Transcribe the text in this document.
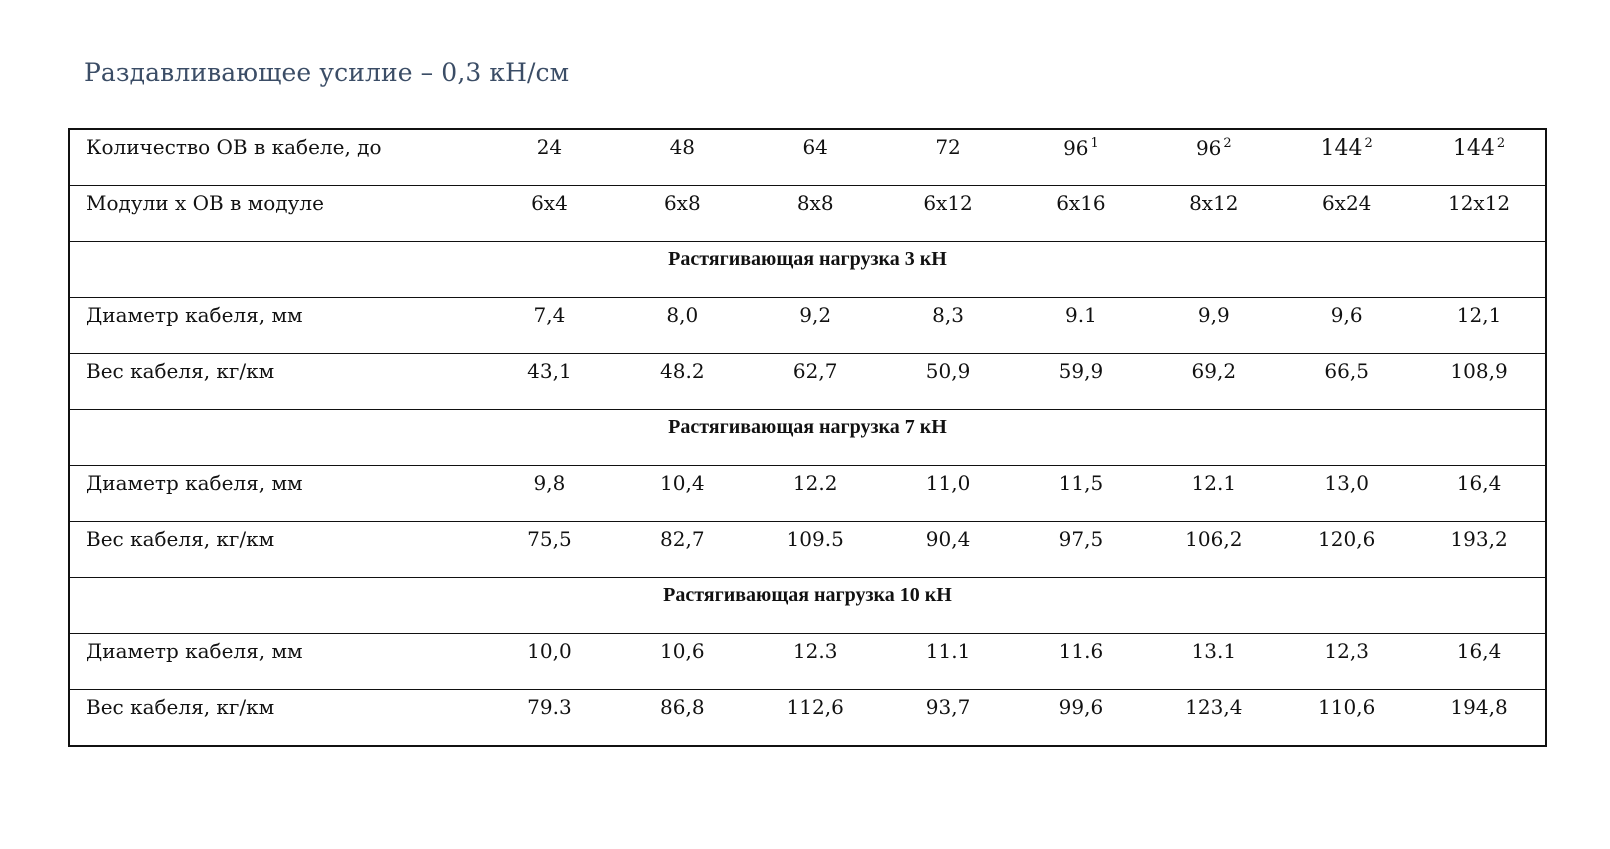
Раздавливающее усилие – 0,3 кН/см
Количество ОВ в кабеле, до	24	48	64	72	96 $^1$	96 $^2$	144 $^2$	144 $^2$

Модули х ОВ в модуле	6х4	6х8	8х8	6х12	6х16	8х12	6х24	12х12

Растягивающая нагрузка 3 кН								

Диаметр кабеля, мм	7,4	8,0	9,2	8,3	9.1	9,9	9,6	12,1

Вес кабеля, кг/км	43,1	48.2	62,7	50,9	59,9	69,2	66,5	108,9

Растягивающая нагрузка 7 кН								

Диаметр кабеля, мм	9,8	10,4	12.2	11,0	11,5	12.1	13,0	16,4

Вес кабеля, кг/км	75,5	82,7	109.5	90,4	97,5	106,2	120,6	193,2

Растягивающая нагрузка 10 кН								

Диаметр кабеля, мм	10,0	10,6	12.3	11.1	11.6	13.1	12,3	16,4

Вес кабеля, кг/км	79.3	86,8	112,6	93,7	99,6	123,4	110,6	194,8
